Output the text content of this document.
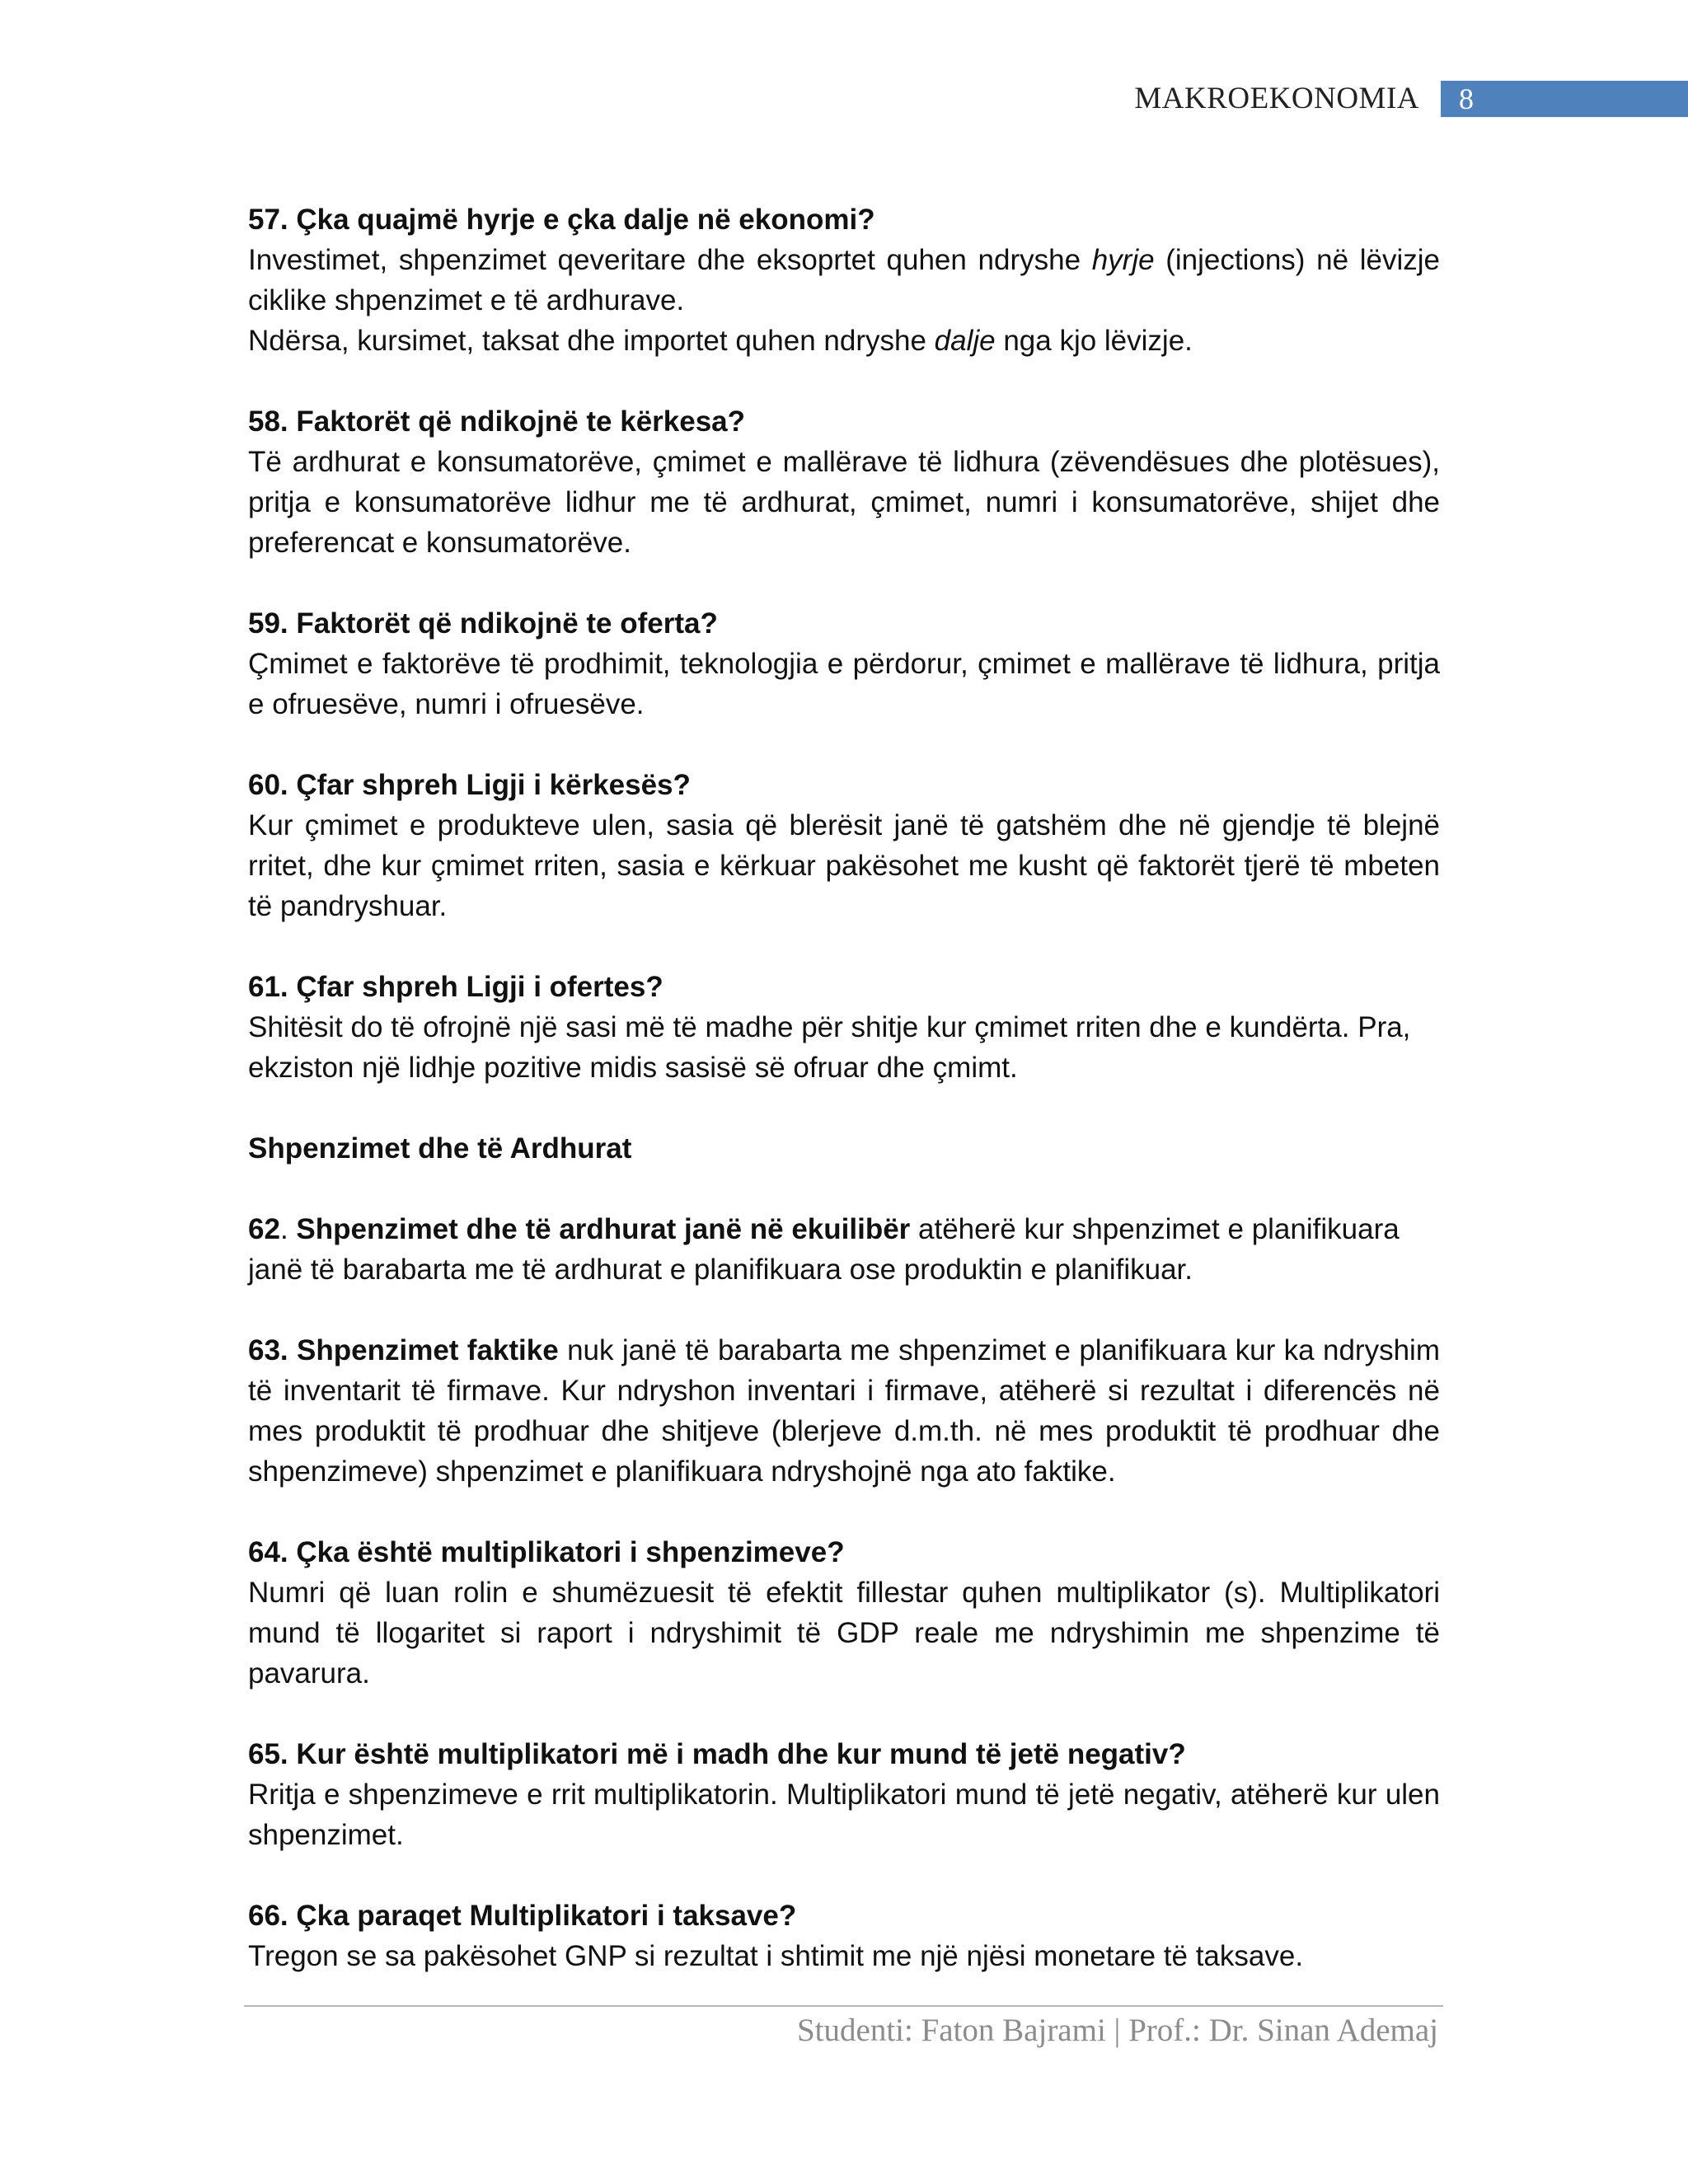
MAKROEKONOMIA 8
57. Çka quajmë hyrje e çka dalje në ekonomi?
Investimet, shpenzimet qeveritare dhe eksoprtet quhen ndryshe hyrje (injections) në lëvizje ciklike shpenzimet e të ardhurave.
Ndërsa, kursimet, taksat dhe importet quhen ndryshe dalje nga kjo lëvizje.
58. Faktorët që ndikojnë te kërkesa?
Të ardhurat e konsumatorëve, çmimet e mallërave të lidhura (zëvendësues dhe plotësues), pritja e konsumatorëve lidhur me të ardhurat, çmimet, numri i konsumatorëve, shijet dhe preferencat e konsumatorëve.
59. Faktorët që ndikojnë te oferta?
Çmimet e faktorëve të prodhimit, teknologjia e përdorur, çmimet e mallërave të lidhura, pritja e ofruesëve, numri i ofruesëve.
60. Çfar shpreh Ligji i kërkesës?
Kur çmimet e produkteve ulen, sasia që blerësit janë të gatshëm dhe në gjendje të blejnë rritet, dhe kur çmimet rriten, sasia e kërkuar pakësohet me kusht që faktorët tjerë të mbeten të pandryshuar.
61. Çfar shpreh Ligji i ofertes?
Shitësit do të ofrojnë një sasi më të madhe për shitje kur çmimet rriten dhe e kundërta. Pra, ekziston një lidhje pozitive midis sasisë së ofruar dhe çmimt.
Shpenzimet dhe të Ardhurat
62. Shpenzimet dhe të ardhurat janë në ekuilibër atëherë kur shpenzimet e planifikuara janë të barabarta me të ardhurat e planifikuara ose produktin e planifikuar.
63. Shpenzimet faktike nuk janë të barabarta me shpenzimet e planifikuara kur ka ndryshim të inventarit të firmave. Kur ndryshon inventari i firmave, atëherë si rezultat i diferencës në mes produktit të prodhuar dhe shitjeve (blerjeve d.m.th. në mes produktit të prodhuar dhe shpenzimeve) shpenzimet e planifikuara ndryshojnë nga ato faktike.
64. Çka është multiplikatori i shpenzimeve?
Numri që luan rolin e shumëzuesit të efektit fillestar quhen multiplikator (s). Multiplikatori mund të llogaritet si raport i ndryshimit të GDP reale me ndryshimin me shpenzime të pavarura.
65. Kur është multiplikatori më i madh dhe kur mund të jetë negativ?
Rritja e shpenzimeve e rrit multiplikatorin. Multiplikatori mund të jetë negativ, atëherë kur ulen shpenzimet.
66. Çka paraqet Multiplikatori i taksave?
Tregon se sa pakësohet GNP si rezultat i shtimit me një njësi monetare të taksave.
Studenti: Faton Bajrami | Prof.: Dr. Sinan Ademaj
